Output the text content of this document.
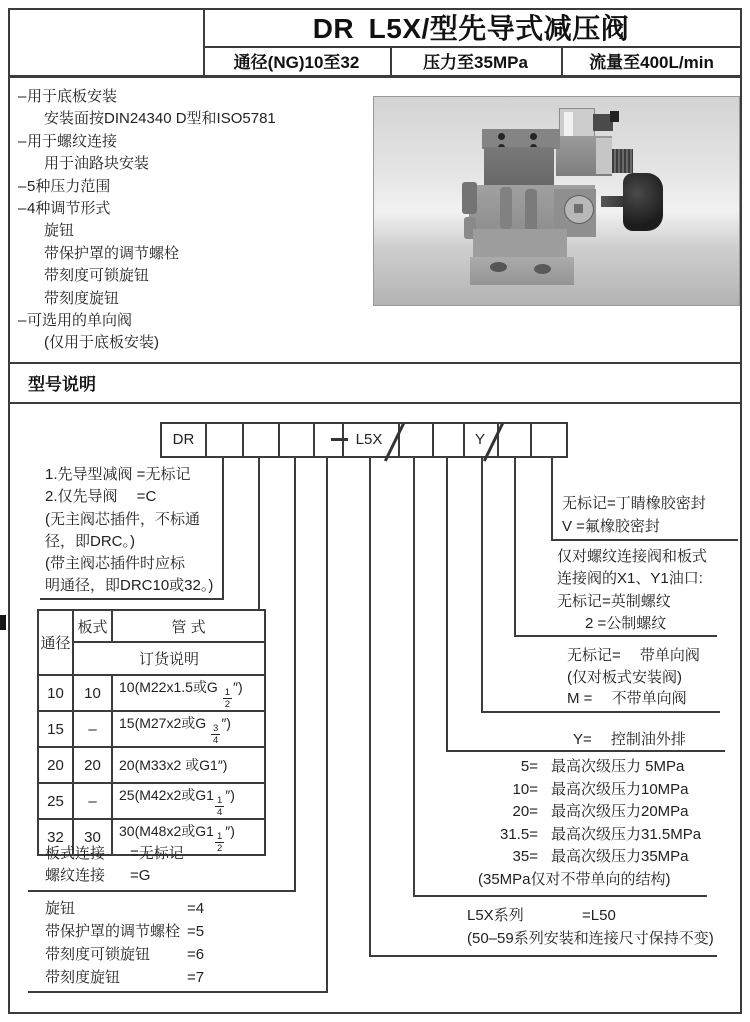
DR L5X/型先导式减压阀
通径(NG)10至32	压力至35MPa	流量至400L/min
– 用于底板安装
安装面按DIN24340 D型和ISO5781
– 用于螺纹连接
用于油路块安装
– 5种压力范围
– 4种调节形式
旋钮
带保护罩的调节螺栓
带刻度可锁旋钮
带刻度旋钮
– 可选用的单向阀
(仅用于底板安装)
型号说明
DR	L5X	Y
1.先导型减阀 =无标记
2.仅先导阀　 =C
(无主阀芯插件，不标通
径，即DRC。)
(带主阀芯插件时应标
明通径，即DRC10或32。)
通径	板式	管 式
	订货说明	
10	10	10(M22x1.5或G
$\frac{1}{2}$
″)
15	–	15(M27x2或G
$\frac{3}{4}$
″)
20	20	20(M33x2 或G1″)
25	–	25(M42x2或G1
$\frac{1}{4}$
″)
32	30	30(M48x2或G1
$\frac{1}{2}$
″)
板式连接	=无标记
螺纹连接	=G
旋钮	=4
带保护罩的调节螺栓 =5
带刻度可锁旋钮	=6
带刻度旋钮	=7
无标记=丁睛橡胶密封
V =氟橡胶密封
仅对螺纹连接阀和板式
连接阀的X1、Y1油口:
无标记=英制螺纹
2 =公制螺纹
无标记=　 带单向阀
(仅对板式安装阀)
M =　 不带单向阀
Y=　 控制油外排
5= 最高次级压力 5MPa
10= 最高次级压力10MPa
20= 最高次级压力20MPa
31.5= 最高次级压力31.5MPa
35= 最高次级压力35MPa
(35MPa仅对不带单向的结构)
L5X系列	=L50
(50–59系列安装和连接尺寸保持不变)
